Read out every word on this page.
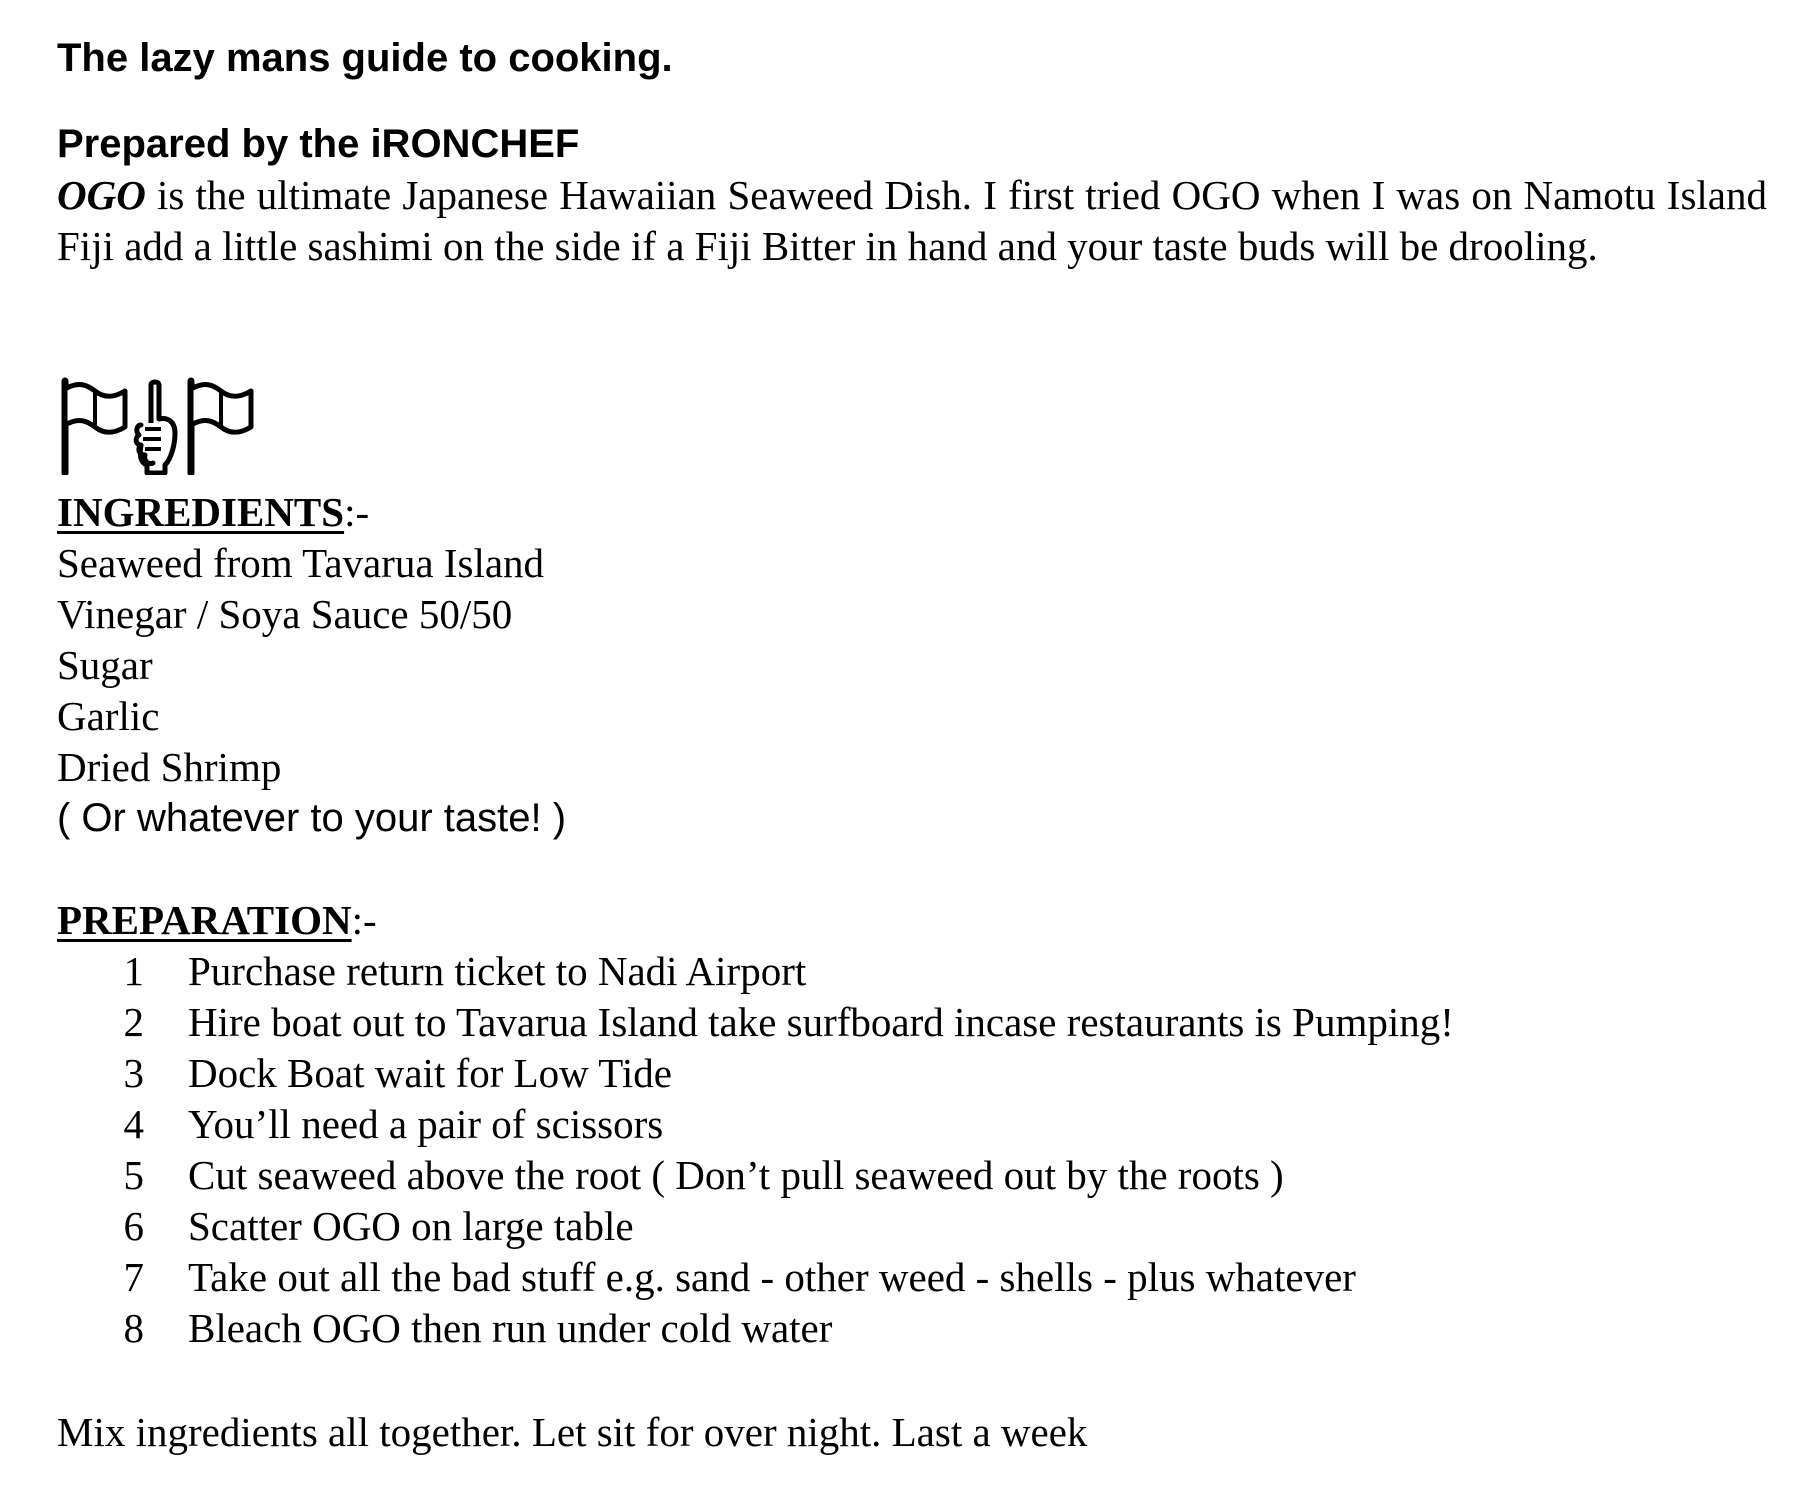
The lazy mans guide to cooking.
Prepared by the iRONCHEF

OGO is the ultimate Japanese Hawaiian Seaweed Dish. I first tried OGO when I was on Namotu Island Fiji add a little sashimi on the side if a Fiji Bitter in hand and your taste buds will be drooling.

INGREDIENTS:-
Seaweed from Tavarua Island
Vinegar / Soya Sauce 50/50
Sugar
Garlic
Dried Shrimp
( Or whatever to your taste! )
PREPARATION:-
1	Purchase return ticket to Nadi Airport
2	Hire boat out to Tavarua Island take surfboard incase restaurants is Pumping!
3	Dock Boat wait for Low Tide
4	You’ll need a pair of scissors
5	Cut seaweed above the root ( Don’t pull seaweed out by the roots )
6	Scatter OGO on large table
7	Take out all the bad stuff e.g. sand - other weed - shells - plus whatever
8	Bleach OGO then run under cold water
Mix ingredients all together. Let sit for over night. Last a week
